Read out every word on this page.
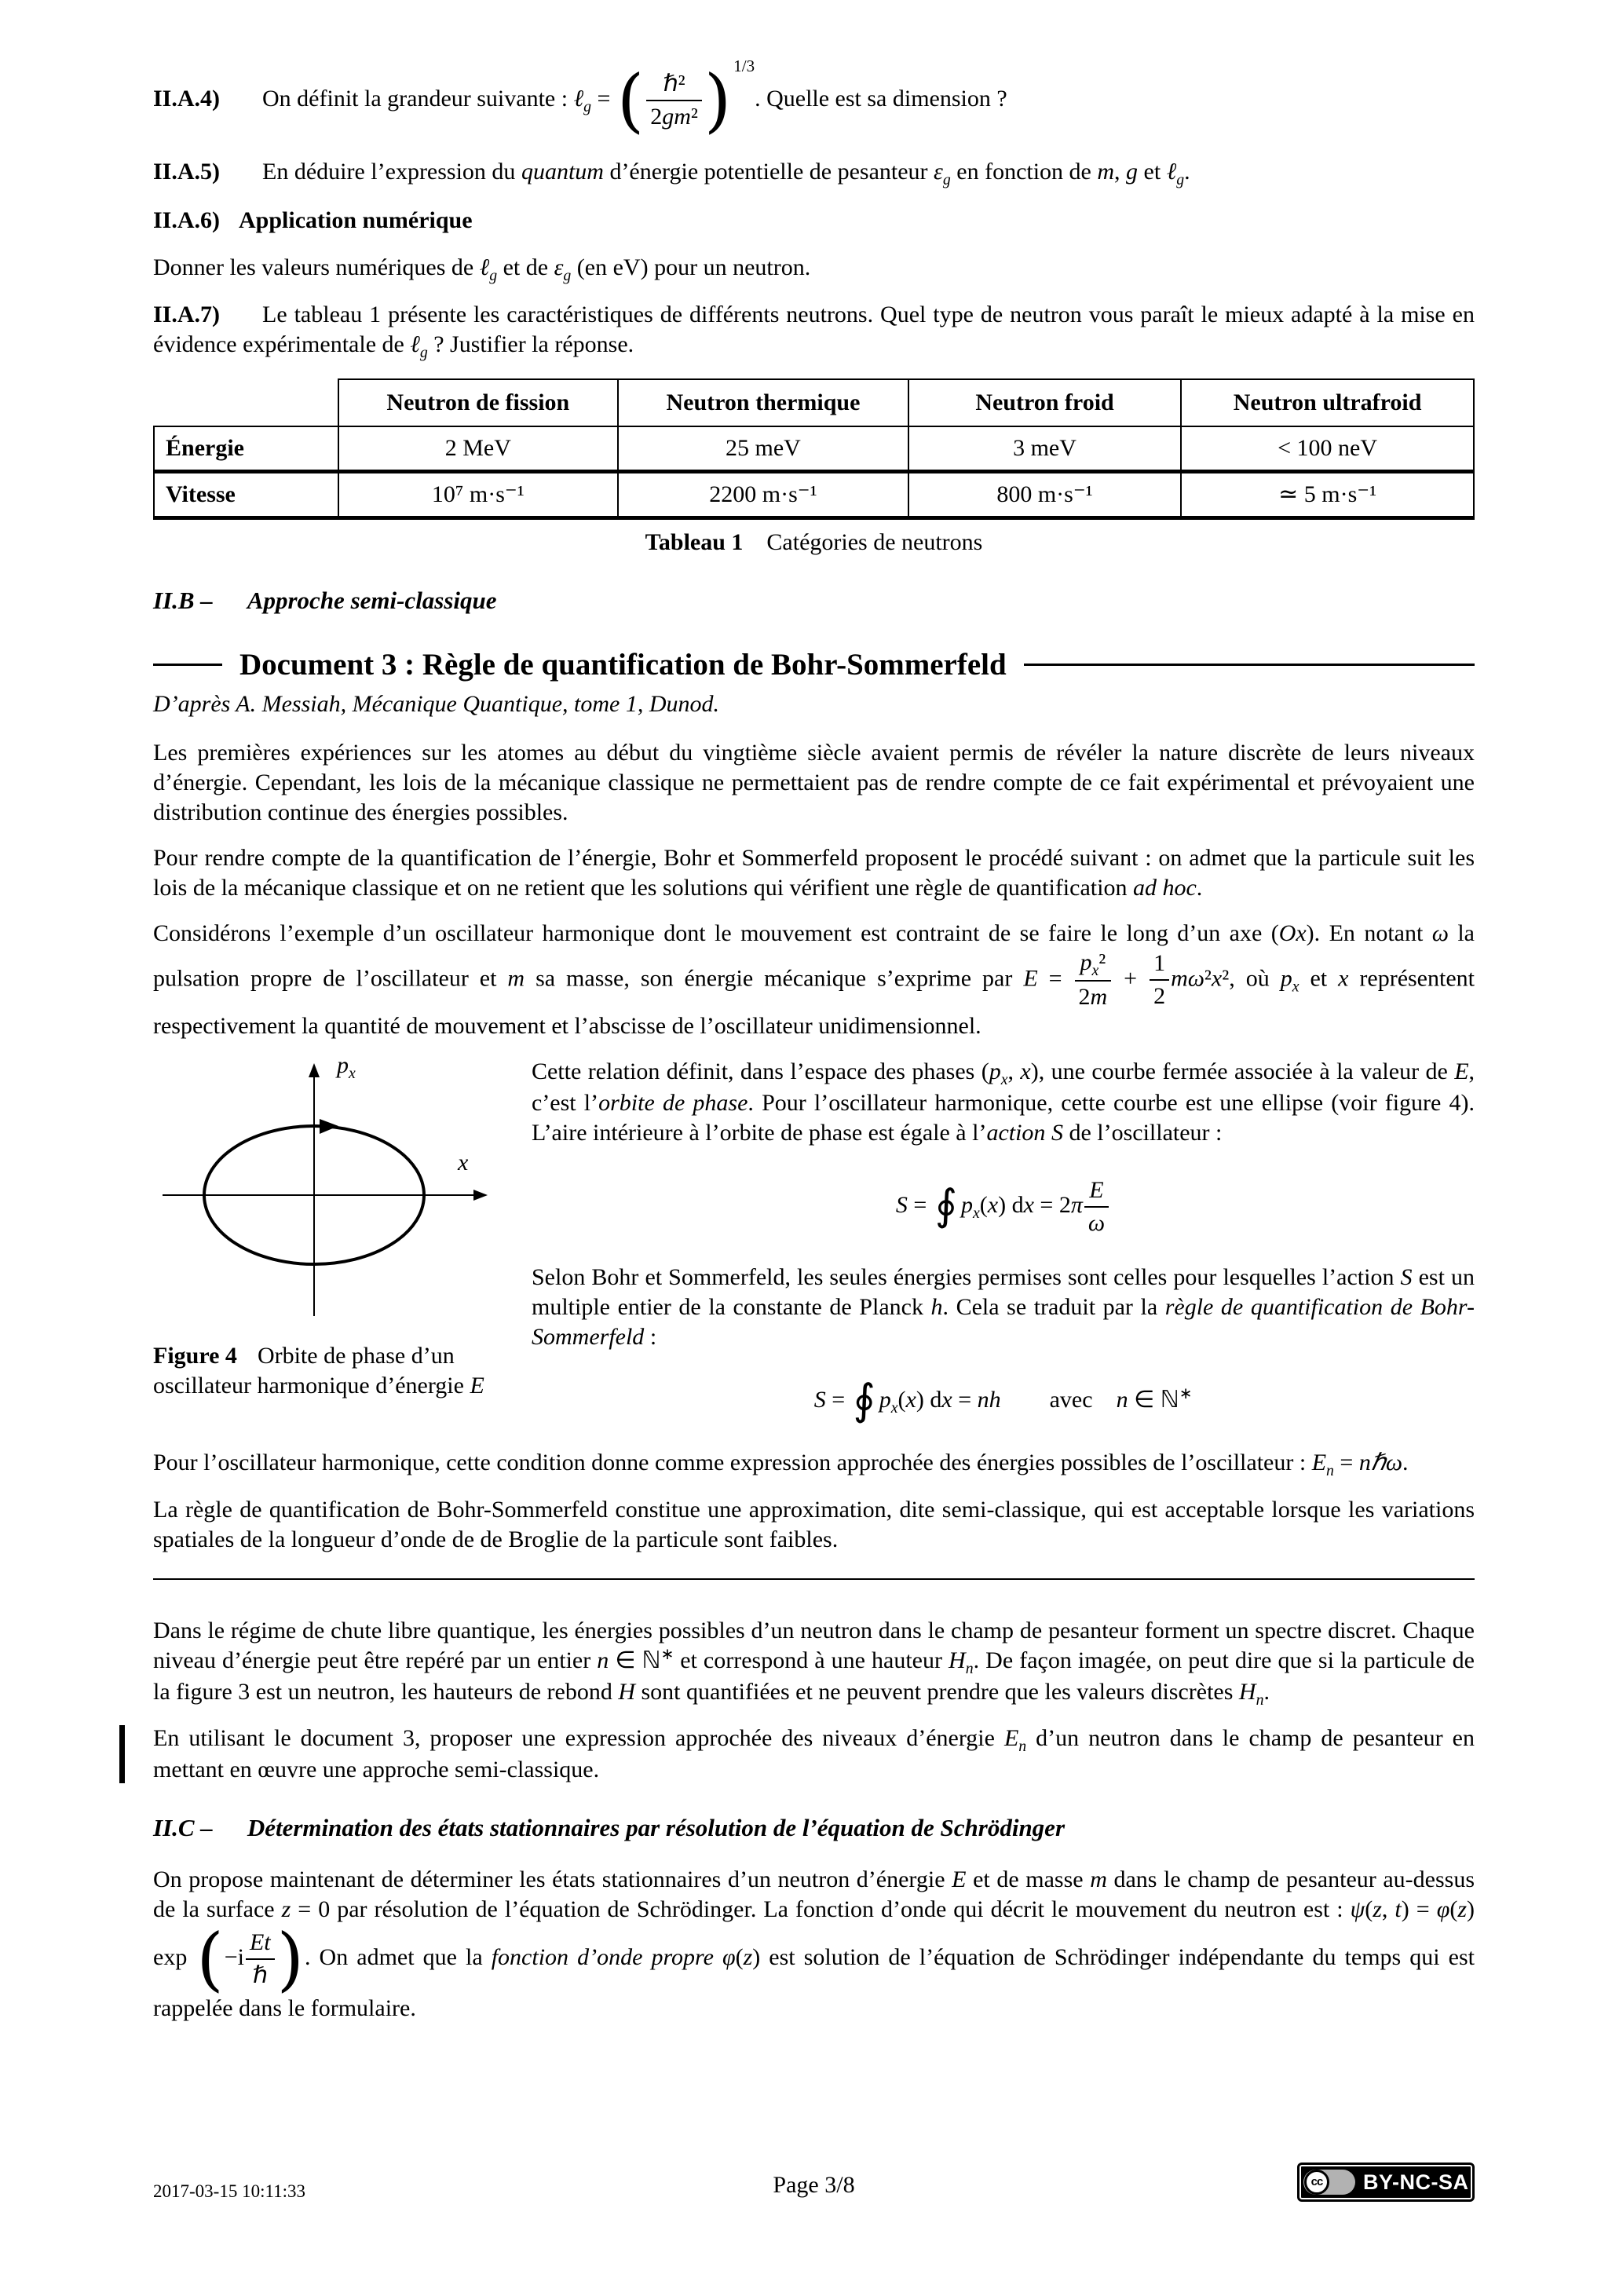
II.A.4) On définit la grandeur suivante : ℓ$_g$ = ( ℏ²
2gm² ) 1/3. Quelle est sa dimension ?
II.A.5) En déduire l’expression du quantum d’énergie potentielle de pesanteur $\varepsilon_g$ en fonction de m, g et ℓ$_g$.
II.A.6) Application numérique

Donner les valeurs numériques de ℓ$_g$ et de $\varepsilon_g$ (en eV) pour un neutron.

II.A.7) Le tableau 1 présente les caractéristiques de différents neutrons. Quel type de neutron vous paraît le mieux adapté à la mise en évidence expérimentale de ℓ$_g$ ? Justifier la réponse.
	Neutron de fission	Neutron thermique	Neutron froid	Neutron ultrafroid
Énergie	2 MeV	25 meV	3 meV	< 100 neV
Vitesse	10⁷ m·s⁻¹	2200 m·s⁻¹	800 m·s⁻¹	≃ 5 m·s⁻¹
Tableau 1 Catégories de neutrons
II.B – Approche semi-classique
Document 3 : Règle de quantification de Bohr-Sommerfeld
D’après A. Messiah, Mécanique Quantique, tome 1, Dunod.

Les premières expériences sur les atomes au début du vingtième siècle avaient permis de révéler la nature discrète de leurs niveaux d’énergie. Cependant, les lois de la mécanique classique ne permettaient pas de rendre compte de ce fait expérimental et prévoyaient une distribution continue des énergies possibles.

Pour rendre compte de la quantification de l’énergie, Bohr et Sommerfeld proposent le procédé suivant : on admet que la particule suit les lois de la mécanique classique et on ne retient que les solutions qui vérifient une règle de quantification ad hoc.

Considérons l’exemple d’un oscillateur harmonique dont le mouvement est contraint de se faire le long d’un axe (Ox). En notant ω la pulsation propre de l’oscillateur et m sa masse, son énergie mécanique s’exprime par $E = \frac{p_x^2}{2m} + \frac{1}{2} m\omega^2x^2$, où $p_x$ et x représentent respectivement la quantité de mouvement et l’abscisse de l’oscillateur unidimensionnel.

$p_x$
x
Figure 4 Orbite de phase d’un oscillateur harmonique d’énergie E

Cette relation définit, dans l’espace des phases ($p_x$, x), une courbe fermée associée à la valeur de E, c’est l’orbite de phase. Pour l’oscillateur harmonique, cette courbe est une ellipse (voir figure 4). L’aire intérieure à l’orbite de phase est égale à l’action S de l’oscillateur :

S = ∮ $p_x(x)$ dx = $2\pi \frac{E}{\omega}$

Selon Bohr et Sommerfeld, les seules énergies permises sont celles pour lesquelles l’action S est un multiple entier de la constante de Planck h. Cela se traduit par la règle de quantification de Bohr-Sommerfeld :

S = ∮ $p_x(x)$ dx = nh avec n ∈ ℕ∗

Pour l’oscillateur harmonique, cette condition donne comme expression approchée des énergies possibles de l’oscillateur : $E_n$ = nℏω.

La règle de quantification de Bohr-Sommerfeld constitue une approximation, dite semi-classique, qui est acceptable lorsque les variations spatiales de la longueur d’onde de de Broglie de la particule sont faibles.

Dans le régime de chute libre quantique, les énergies possibles d’un neutron dans le champ de pesanteur forment un spectre discret. Chaque niveau d’énergie peut être repéré par un entier n ∈ ℕ∗ et correspond à une hauteur $H_n$. De façon imagée, on peut dire que si la particule de la figure 3 est un neutron, les hauteurs de rebond H sont quantifiées et ne peuvent prendre que les valeurs discrètes $H_n$.

En utilisant le document 3, proposer une expression approchée des niveaux d’énergie $E_n$ d’un neutron dans le champ de pesanteur en mettant en œuvre une approche semi-classique.

II.C – Détermination des états stationnaires par résolution de l’équation de Schrödinger

On propose maintenant de déterminer les états stationnaires d’un neutron d’énergie E et de masse m dans le champ de pesanteur au-dessus de la surface z = 0 par résolution de l’équation de Schrödinger. La fonction d’onde qui décrit le mouvement du neutron est : ψ(z, t) = φ(z) exp (−i
Et
ℏ ). On admet que la fonction d’onde propre φ(z) est solution de l’équation de Schrödinger indépendante du temps qui est rappelée dans le formulaire.

2017-03-15 10:11:33	Page 3/8	cc	BY-NC-SA
